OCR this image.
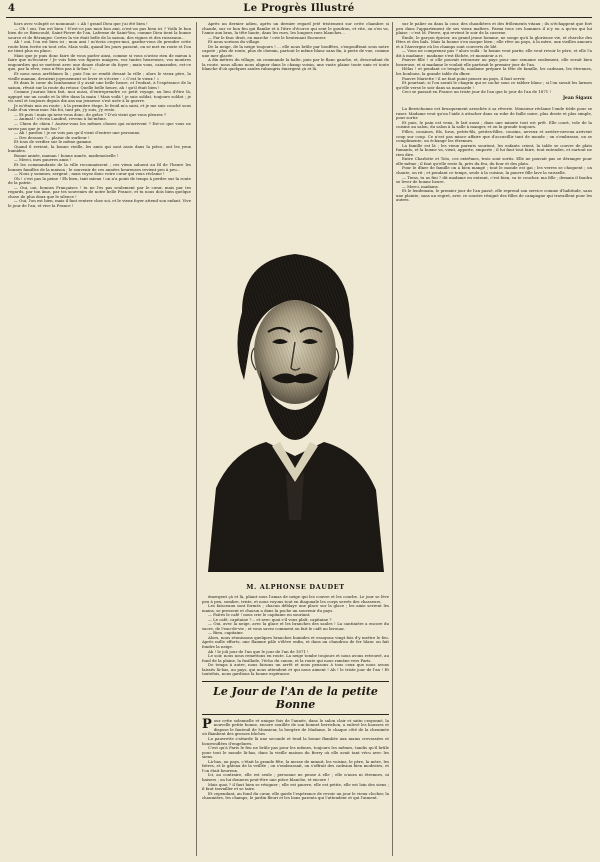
4	Le Progrès Illustré

hors avec volupté ce nonnunat: « Ah ! grand Dieu que j'ai été bien !

— Oh ! oui, Yon est bien ! N'est-ce pas mon bon ami, n'est-on pas bien ici ? Voilà le bon bien de ce Biencoulé, Saint-Pierre de l'an, Laferme de Saint-Yon, comme Dieu tient la bonne source et de Béranger. Certes la vie était belle de la saison, des vignes et des ruisseaux...

Ah ! oui, l'on est bien ici ; mon ami ! m'écria croyez-moi, gardez-vous de prendre cette route bien écrite en tout cela. Mais voilà, quand les jours passent, on se met en route et l'on ne tient plus en place.

Mais que je puis donc faire de vous parler ainsi, comme si vous n'aviez rien de mieux à faire que m'écouter ! Je vois bien vos figures maigres, vos tantes heureuses, vos montres engourdies qui se mettent avec une douze chaleur du foyer ; mais vous, camarades, est-ce que, par la rêve, vous n'êtes pas à là-bas ? ...

Et nous nous arrêtâmes là ; puis l'on se rendit devant la ville ; alors le vieux père, la vieille maman, devaient joyeusement se lever et s'écrier : « C'est le vieux ! »

Et dans le cœur du bonhomme il y avait une belle heure, et l'enfant, à l'espérance de la saison, rêvait sur la route du retour. Quelle belle heure, ah ! qu'il était bien !

Comme j'aurais bien fait, moi aussi, d'entreprendre ce petit voyage, au lieu d'être là, appuyé sur un coude et la tête dans la main ! Mais voilà ! je suis soldat, toujours soldat ; je vis seul et toujours depuis dix ans ma jeunesse s'est usée à la guerre.

Je m'étais mis en route ; à la première étape, le froid m'a saisi, et je me suis couché sous l'aile d'un vieux mur. Ma foi, tant pis, j'y suis, j'y reste.

— Et puis ! mais qu'avez-vous donc, de grâce ? D'où vient que vous pleurez ?

— Animal ! s'écria Landrol, revenu à lui-même.

— Chien de chien ! Auriez-vous les mêmes choses qui m'arrivent ? Est-ce que vous ne savez pas que je suis fou ?

— Ah ! pardon ! je ne vois pas qu'il vient d'entrer une personne.

— Des dessous ?... plaisir de surlieur !

Et tous de verifier sur le même gamme.

Quand il revient, la bonne vieille, les amis qui sont assis dans la pièce, ont les yeux humides.

Bonne année, maman ! bonne année, mademoiselle !

— Merci, mes pauvres amis !

Et les commandants de la ville reconnaissent ; ces vieux saluent au fil de l'heure les bonnes familles de la maison ; le souvenir de ces années heureuses revient peu à peu...

— Nous y sommes, sergent ; mais voyez donc votre cœur qui vous réclame !

Oh ! c'est pas la peine ! Eh bien, tant mieux ! on n'a point de temps à perdre sur la route de la patrie.

— Oui, oui, bonnes Françaises ! tu ne l'es pas seulement par le cœur, mais par tes regards, par ton âme, par tes souvenirs de notre belle France, et tu nous dois bien quelque chose de plus doux que le silence !

— Oui, l'on est bien, mais il faut rentrer chez soi, et le vieux foyer attend son enfant. Vive le jour de l'an, et vive la France !

Après un dernier adieu, après un dernier regard jeté tristement sur cette chambre si chaude, sur ce bon feu qui flambe et à l'âtre d'écorce qui sent le goudron, et vite, on s'en va, l'amie aux bras, la tête haute, dans les rues, les longues rues blanches...

— Par le fauc droit, en marche ! crie le lieutenant Encurzer.

Et nous sortons du village.

De la neige, de la neige toujours ! ... elle nous brûle par bouffées, s'engouffrant sous notre capote ; plus de route, plus de chemin, partout le même blanc sans fin, à perte de vue, comme une mer glacée.

A dix mètres du village, on commande la halte, puis par le flanc gauche, et, descendant de la route, nous allons nous aligner dans le champ voisin, une vaste plaine toute unie et toute blanche d'où quelques saules rabougris émergent çà et là.

M. ALPHONSE DAUDET

émergent çà et là, pliant sous l'amas de neige qui les couvre et les courbe. Le jour se lève peu à peu, sombre, triste, et nous voyons tout en diagonale les corps serrés des chasseurs.

Les faisceaux sont formés ; chacun déblaye une place sur la glace ; les amis serrent les mains, se pressent et chacun a dans la poche un souvenir du pays.

— Faites le café ! nous crie le capitaine en souriant.

— Le café, capitaine ?... et avec quoi s'il vous plaît, capitaine ?

— Oui, avec la neige, avec la glace et les branches des saules ! La cantinière a encore du sucre, de l'eau-de-vie ; et vous savez comment on fait le café au bivouac.

— Bien, capitaine.

Alors, nous réunissons quelques branches humides et essayons vingt fois d'y mettre le feu. Après mille efforts, une flamme pâle s'élève enfin, et dans un chaudron de fer blanc on fait fondre la neige.

Ah ! le joli jour de l'an que le jour de l'an de 1871 !

Le soir, nous nous remettons en route. La neige tombe toujours et nous avons retrouvé, au fond de la plaine, la fusillade, l'écho du canon, et la route qui nous ramène vers Paris.

De temps à autre, nous faisons un arrêt et nous pensons à tous ceux que nous avons laissés là-bas, au pays, qui nous attendent et qui nous aiment ! Ah ! le triste jour de l'an ! Et toutefois, nous gardions la bonne espérance.

Le Jour de l'An de la petite Bonne

Pour cette solennelle et unique fois de l'année, dans le salon clair et satin crayonné, la nouvelle petite bonne, encore souillée de son bonnet berrichon, a enlevé les housses et dispose le fauteuil de Monsieur, la bergère de Madame, le chaque côté de la cheminée où flambent des grosses bûches.

La pauvrette s'attarde là une seconde et tend la bonne flambée aux mains crevassées et bourrouflées d'engelures.

C'est qu'à Paris le feu ne brûle pas pour les mêmes, toujours les mêmes, tandis qu'il brûle pour tout le monde là-bas, dans la vieille maison du Berry où elle avait tant vécu avec les siens.

Là-bas, au pays, c'était la grande fête, la messe de minuit, les voisins, le père, la mère, les frères, et le gâteau de la veillée ; on s'embrassait, on s'offrait des cadeaux bien modestes, et l'on était heureux.

Ici, au contraire, elle est seule ; personne ne pense à elle ; elle n'aura ni étrennes, ni baisers ; on lui donnera peut-être une pièce blanche, et encore !

Mais quoi ? il faut bien se résigner ; elle est pauvre, elle est petite, elle est loin des siens ; il faut travailler et se taire.

Et cependant, au fond du cœur, elle garde l'espérance de revoir un jour le vieux clocher, la chaumière, les champs, le jardin fleuri et les bons parents qui l'attendent et qui l'aiment.

sur le palier ou dans la cour, des chaudières et des frôlements vitaux ; ils n'échappent que fort peu dans l'appartement de ses vieux maîtres. Parmi tous ces hommes il n'y en a qu'un qui lui plaise : c'est M. Pierre, qui revient le soir de la caserne.

Émile, le garçon épicier, un grand jeune homme, ne songe qu'à la glorieuse vie, et cherche des fêtes et des bals. Mais la bonne s'en moque bien ; elle rêve au pays, à la mère, aux vieilles amours et à l'Auvergne où les champs sont couverts de blé.

— Vous ne comprenez pas ? alors voilà : la bonne veut partir, elle veut revoir le père, et elle l'a dit à madame ; madame s'est fâchée, et monsieur a ri.

Pauvre fille ! si elle pouvait retourner au pays pour une semaine seulement, elle serait bien heureuse, et si madame le voulait elle partirait le premier jour de l'an.

Hélas ! et pendant ce temps-là, madame prépare la fête de famille, les cadeaux, les étrennes, les bonbons, la grande table du dîner.

Pauvre Mariette ! il ne faut point penser au pays, il faut servir.

Et pourtant, si l'on savait le chagrin qui se cache sous ce tablier blanc ; si l'on savait les larmes qu'elle verse le soir dans sa mansarde !

Ceci se passait en France un triste jour de l'an que le jour de l'an de 1871 !

Jean Sigaux

La Berrichonne est brusquement arrachée à sa rêverie. Monsieur réclame l'onde tiède pour se raser. Madame veut qu'on l'aide à attacher dans sa robe de faille noire, plus droite et plus simple, pour sortir.

Et puis, le pain est venu, le lait aussi ; dans une minute tout est prêt. Elle court, vole de la cuisine au salon, du salon à la salle à manger, et on la gronde toujours.

Filles, cousines, fils, brus, petits-fils, petites-filles, cousins, neveux et arrière-neveux arrivent coup sur coup. Ce n'est pas mince affaire que d'accueillir tant de monde ; on s'embrasse, on se complimente, on échange les étrennes.

La famille est là ; les vieux parents sourient, les enfants crient, la table se couvre de plats fumants, et la bonne va, vient, apporte, emporte ; il lui faut tout faire, tout entendre, et surtout ne rien dire.

Entre Charlotte et Toto, ces extrêmes, trois sont sortis. Elle ne pouvait pas se déranger pour elle-même ; il faut qu'elle reste là, près du feu, du four et des plats.

Pour le dîner de famille on a bien mangé ; tout le monde est gai ; les verres se choquent ; on chante, on rit ; et pendant ce temps, seule à la cuisine, la pauvre fille lave la vaisselle.

— Tiens, tu as fini ? dit madame en entrant, c'est bien, va te coucher, ma fille ; demain il faudra se lever de bonne heure.

— Merci, madame.

Et le lendemain, le premier jour de l'an passé, elle reprend son service comme d'habitude, sans une plainte, sans un regret, avec ce sourire résigné des filles de campagne qui travaillent pour les autres.
